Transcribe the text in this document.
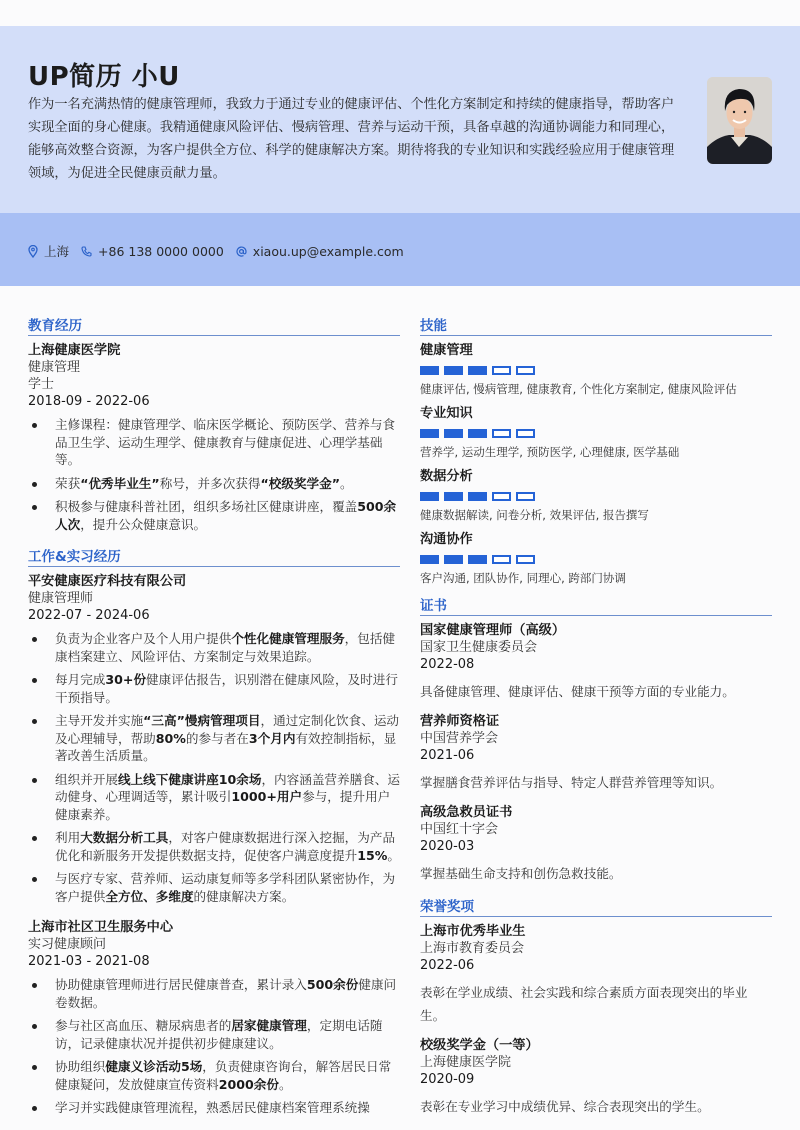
UP简历 小U
作为一名充满热情的健康管理师，我致力于通过专业的健康评估、个性化方案制定和持续的健康指导，帮助客户实现全面的身心健康。我精通健康风险评估、慢病管理、营养与运动干预，具备卓越的沟通协调能力和同理心，能够高效整合资源，为客户提供全方位、科学的健康解决方案。期待将我的专业知识和实践经验应用于健康管理领域，为促进全民健康贡献力量。
上海 +86 138 0000 0000 xiaou.up@example.com
教育经历
上海健康医学院
健康管理
学士
2018-09 - 2022-06
主修课程：健康管理学、临床医学概论、预防医学、营养与食品卫生学、运动生理学、健康教育与健康促进、心理学基础等。
荣获“优秀毕业生”称号，并多次获得“校级奖学金”。
积极参与健康科普社团，组织多场社区健康讲座，覆盖500余人次，提升公众健康意识。
工作&实习经历
平安健康医疗科技有限公司
健康管理师
2022-07 - 2024-06
负责为企业客户及个人用户提供个性化健康管理服务，包括健康档案建立、风险评估、方案制定与效果追踪。
每月完成30+份健康评估报告，识别潜在健康风险，及时进行干预指导。
主导开发并实施“三高”慢病管理项目，通过定制化饮食、运动及心理辅导，帮助80%的参与者在3个月内有效控制指标，显著改善生活质量。
组织并开展线上线下健康讲座10余场，内容涵盖营养膳食、运动健身、心理调适等，累计吸引1000+用户参与，提升用户健康素养。
利用大数据分析工具，对客户健康数据进行深入挖掘，为产品优化和新服务开发提供数据支持，促使客户满意度提升15%。
与医疗专家、营养师、运动康复师等多学科团队紧密协作，为客户提供全方位、多维度的健康解决方案。
上海市社区卫生服务中心
实习健康顾问
2021-03 - 2021-08
协助健康管理师进行居民健康普查，累计录入500余份健康问卷数据。
参与社区高血压、糖尿病患者的居家健康管理，定期电话随访，记录健康状况并提供初步健康建议。
协助组织健康义诊活动5场，负责健康咨询台，解答居民日常健康疑问，发放健康宣传资料2000余份。
学习并实践健康管理流程，熟悉居民健康档案管理系统操
技能
健康管理
健康评估, 慢病管理, 健康教育, 个性化方案制定, 健康风险评估
专业知识
营养学, 运动生理学, 预防医学, 心理健康, 医学基础
数据分析
健康数据解读, 问卷分析, 效果评估, 报告撰写
沟通协作
客户沟通, 团队协作, 同理心, 跨部门协调
证书
国家健康管理师（高级）
国家卫生健康委员会
2022-08
具备健康管理、健康评估、健康干预等方面的专业能力。
营养师资格证
中国营养学会
2021-06
掌握膳食营养评估与指导、特定人群营养管理等知识。
高级急救员证书
中国红十字会
2020-03
掌握基础生命支持和创伤急救技能。
荣誉奖项
上海市优秀毕业生
上海市教育委员会
2022-06
表彰在学业成绩、社会实践和综合素质方面表现突出的毕业生。
校级奖学金（一等）
上海健康医学院
2020-09
表彰在专业学习中成绩优异、综合表现突出的学生。
